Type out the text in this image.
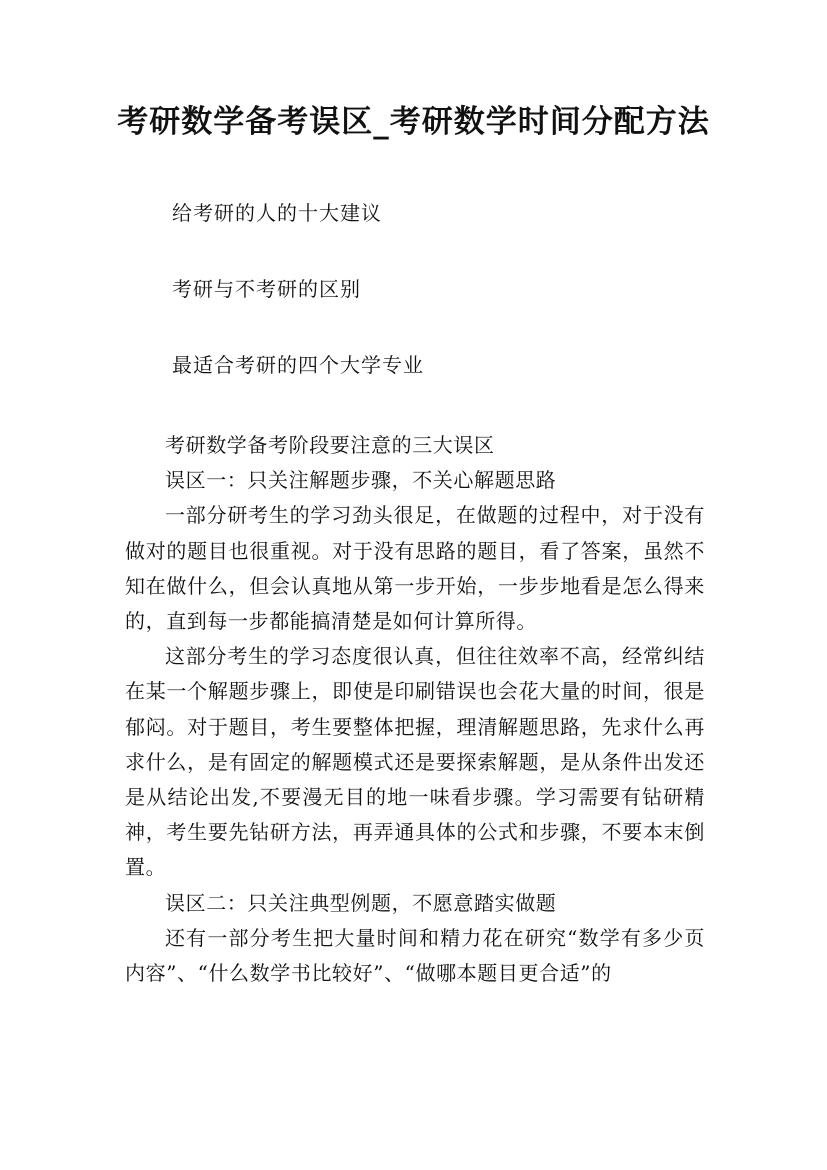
考研数学备考误区_考研数学时间分配方法
给考研的人的十大建议
考研与不考研的区别
最适合考研的四个大学专业

考研数学备考阶段要注意的三大误区

误区一：只关注解题步骤，不关心解题思路

一部分研考生的学习劲头很足，在做题的过程中，对于没有做对的题目也很重视。对于没有思路的题目，看了答案，虽然不知在做什么，但会认真地从第一步开始，一步步地看是怎么得来的，直到每一步都能搞清楚是如何计算所得。

这部分考生的学习态度很认真，但往往效率不高，经常纠结在某一个解题步骤上，即使是印刷错误也会花大量的时间，很是郁闷。对于题目，考生要整体把握，理清解题思路，先求什么再求什么，是有固定的解题模式还是要探索解题，是从条件出发还是从结论出发,不要漫无目的地一味看步骤。学习需要有钻研精神，考生要先钻研方法，再弄通具体的公式和步骤，不要本末倒置。

误区二：只关注典型例题，不愿意踏实做题

还有一部分考生把大量时间和精力花在研究“数学有多少页内容”、“什么数学书比较好”、“做哪本题目更合适”的
